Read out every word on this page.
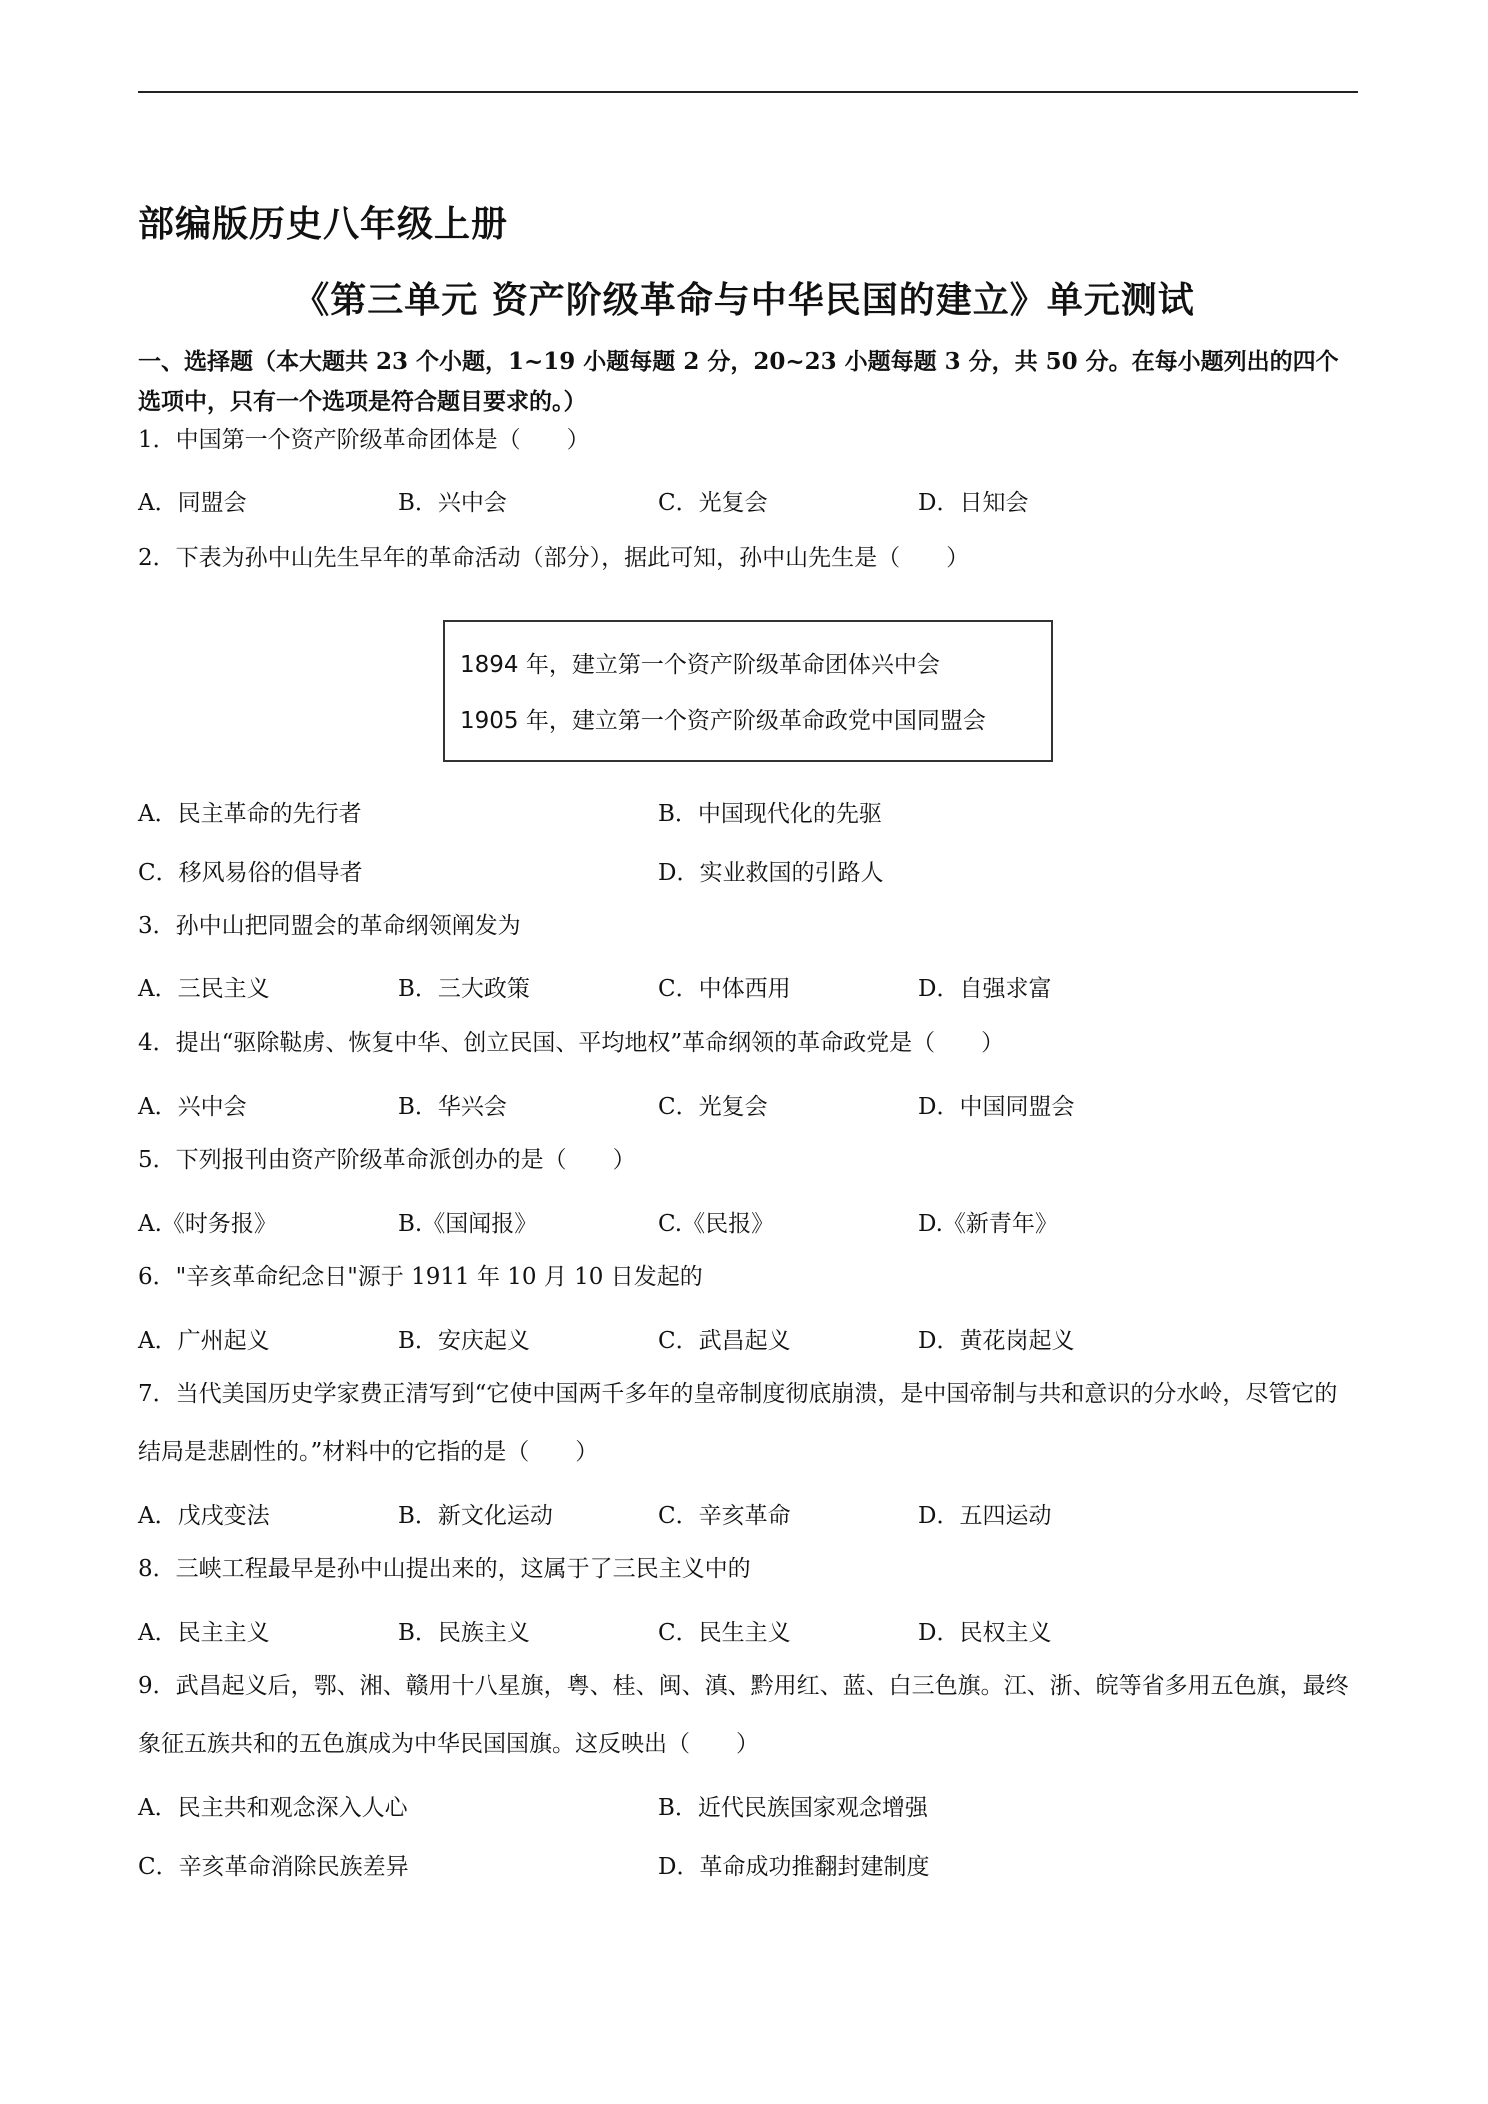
部编版历史八年级上册
《第三单元 资产阶级革命与中华民国的建立》单元测试
一、选择题（本大题共 23 个小题，1~19 小题每题 2 分，20~23 小题每题 3 分，共 50 分。在每小题列出的四个选项中，只有一个选项是符合题目要求的。）
1．中国第一个资产阶级革命团体是（　　）
A．同盟会	B．兴中会	C．光复会	D．日知会
2．下表为孙中山先生早年的革命活动（部分），据此可知，孙中山先生是（　　）
1894 年，建立第一个资产阶级革命团体兴中会
1905 年，建立第一个资产阶级革命政党中国同盟会
A．民主革命的先行者	B．中国现代化的先驱
C．移风易俗的倡导者	D．实业救国的引路人
3．孙中山把同盟会的革命纲领阐发为
A．三民主义	B．三大政策	C．中体西用	D．自强求富
4．提出“驱除鞑虏、恢复中华、创立民国、平均地权”革命纲领的革命政党是（　　）
A．兴中会	B．华兴会	C．光复会	D．中国同盟会
5．下列报刊由资产阶级革命派创办的是（　　）
A.《时务报》	B.《国闻报》	C.《民报》	D.《新青年》
6．"辛亥革命纪念日"源于 1911 年 10 月 10 日发起的
A．广州起义	B．安庆起义	C．武昌起义	D．黄花岗起义
7．当代美国历史学家费正清写到“它使中国两千多年的皇帝制度彻底崩溃，是中国帝制与共和意识的分水岭，尽管它的结局是悲剧性的。”材料中的它指的是（　　）
A．戊戌变法	B．新文化运动	C．辛亥革命	D．五四运动
8．三峡工程最早是孙中山提出来的，这属于了三民主义中的
A．民主主义	B．民族主义	C．民生主义	D．民权主义
9．武昌起义后，鄂、湘、赣用十八星旗，粤、桂、闽、滇、黔用红、蓝、白三色旗。江、浙、皖等省多用五色旗，最终象征五族共和的五色旗成为中华民国国旗。这反映出（　　）
A．民主共和观念深入人心	B．近代民族国家观念增强
C．辛亥革命消除民族差异	D．革命成功推翻封建制度
